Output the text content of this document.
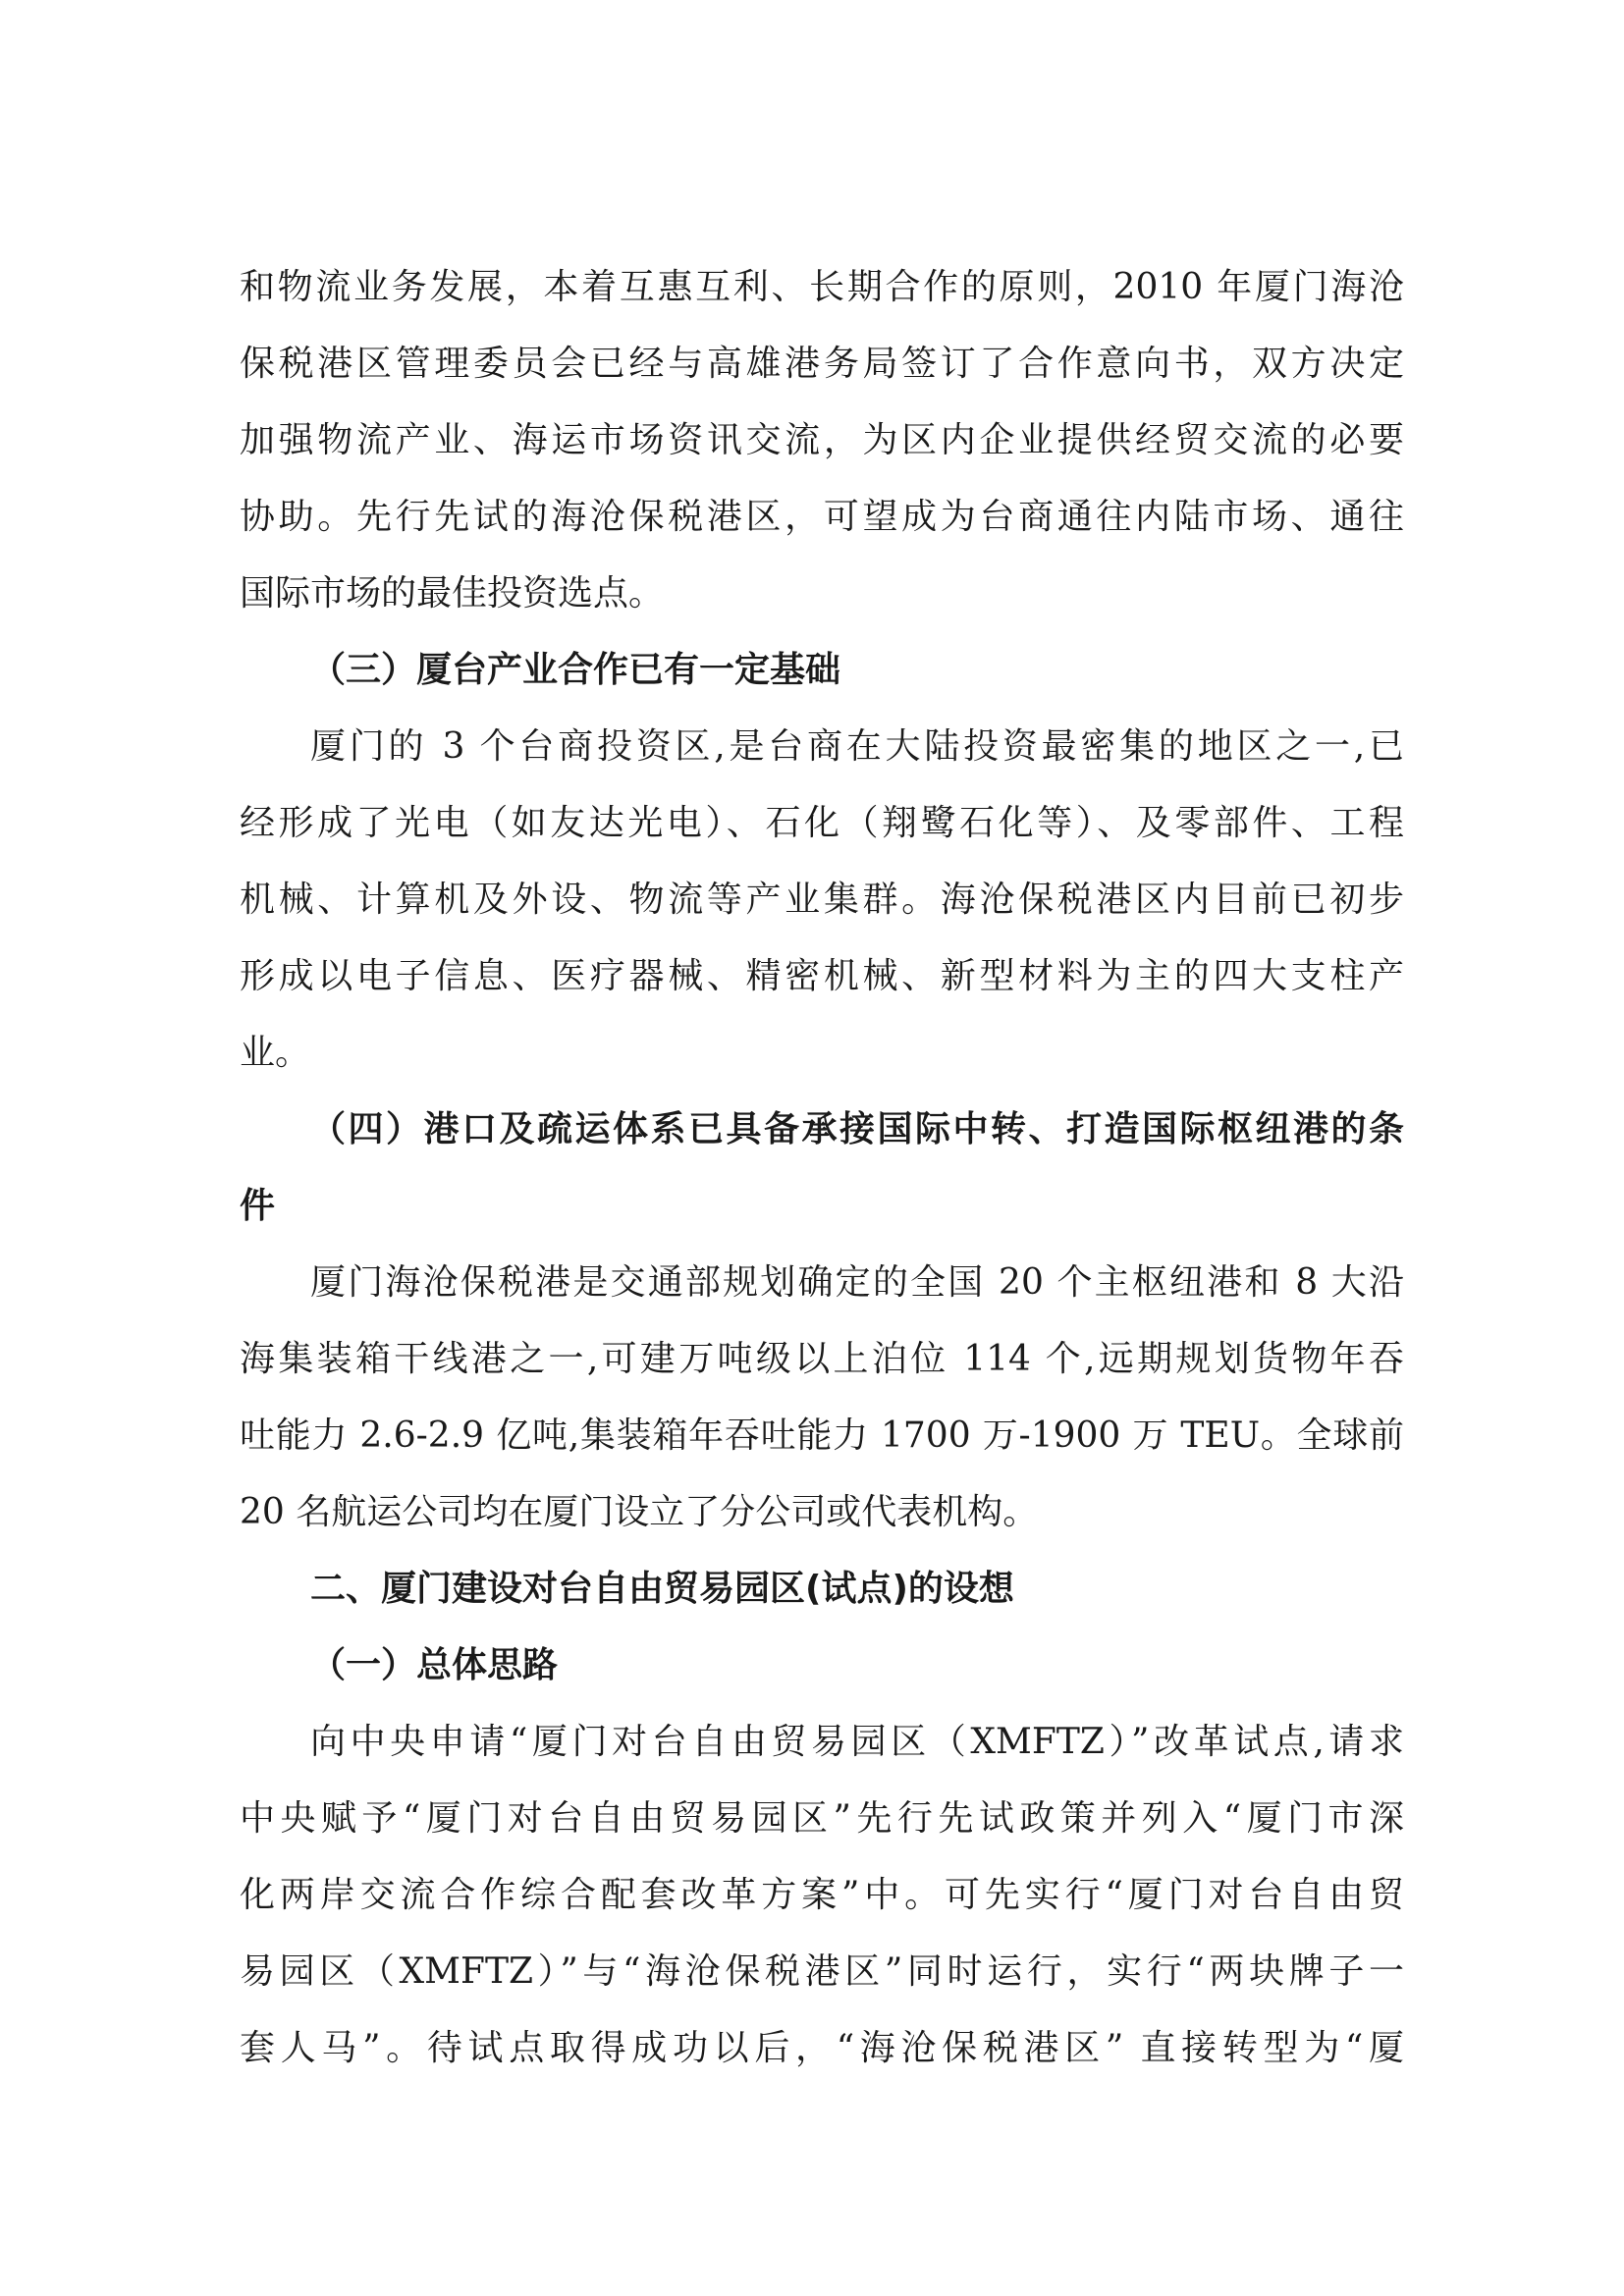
和物流业务发展，本着互惠互利、长期合作的原则，2010 年厦门海沧
保税港区管理委员会已经与高雄港务局签订了合作意向书，双方决定
加强物流产业、海运市场资讯交流，为区内企业提供经贸交流的必要
协助。先行先试的海沧保税港区，可望成为台商通往内陆市场、通往
国际市场的最佳投资选点。
（三）厦台产业合作已有一定基础
厦门的 3 个台商投资区,是台商在大陆投资最密集的地区之一,已
经形成了光电（如友达光电）、石化（翔鹭石化等）、及零部件、工程
机械、计算机及外设、物流等产业集群。海沧保税港区内目前已初步
形成以电子信息、医疗器械、精密机械、新型材料为主的四大支柱产
业。
（四）港口及疏运体系已具备承接国际中转、打造国际枢纽港的条
件
厦门海沧保税港是交通部规划确定的全国 20 个主枢纽港和 8 大沿
海集装箱干线港之一,可建万吨级以上泊位 114 个,远期规划货物年吞
吐能力 2.6-2.9 亿吨,集装箱年吞吐能力 1700 万-1900 万 TEU。全球前
20 名航运公司均在厦门设立了分公司或代表机构。
二、厦门建设对台自由贸易园区(试点)的设想
（一）总体思路
向中央申请“厦门对台自由贸易园区（XMFTZ）”改革试点,请求
中央赋予“厦门对台自由贸易园区”先行先试政策并列入“厦门市深
化两岸交流合作综合配套改革方案”中。可先实行“厦门对台自由贸
易园区（XMFTZ）”与“海沧保税港区”同时运行，实行“两块牌子一
套人马”。待试点取得成功以后，“海沧保税港区” 直接转型为“厦
